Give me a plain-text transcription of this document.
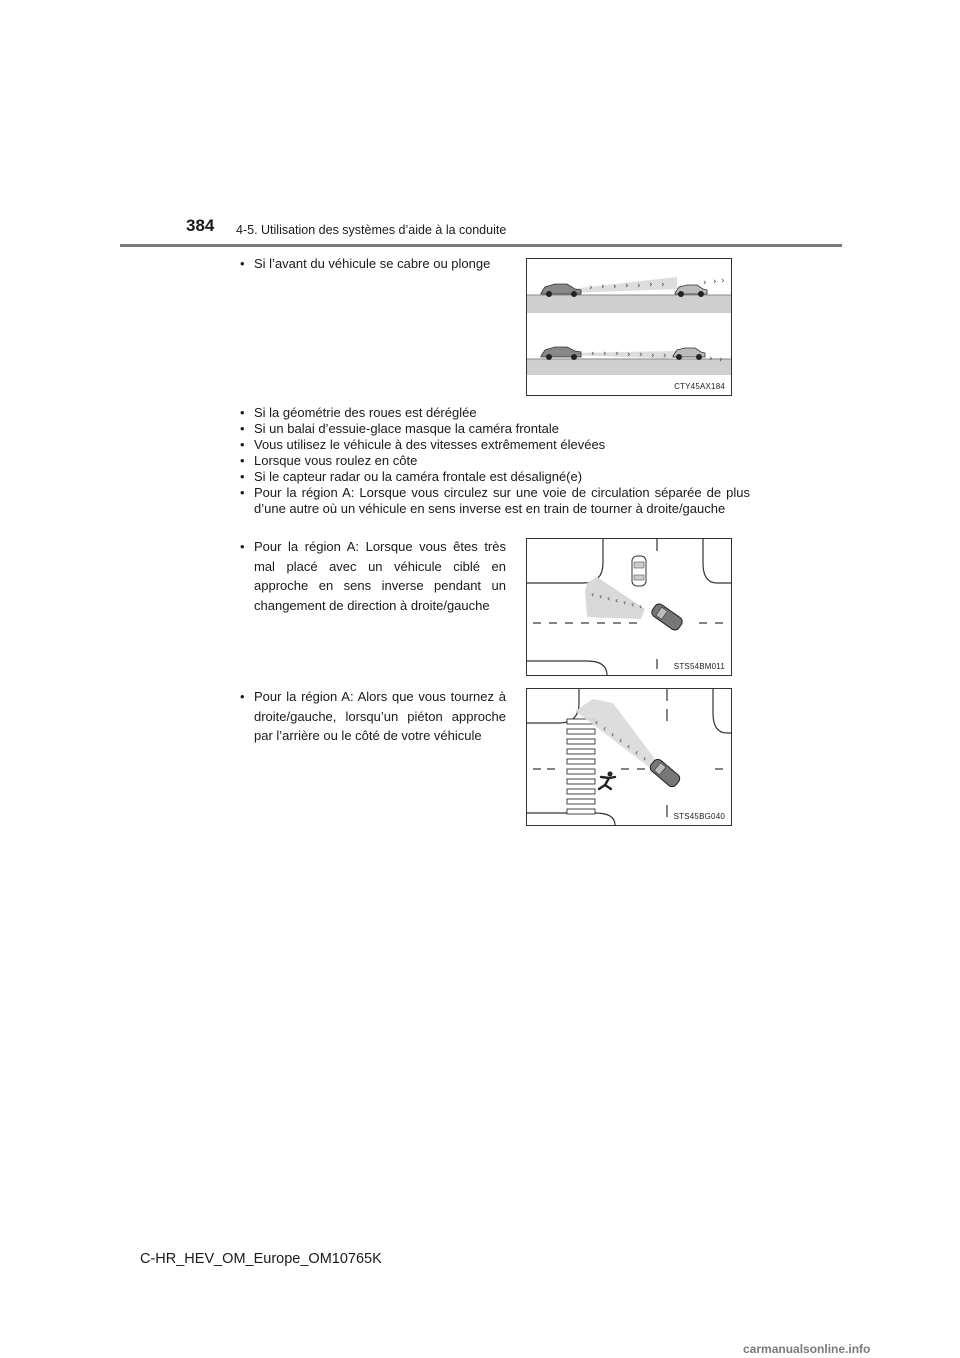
384 4-5. Utilisation des systèmes d’aide à la conduite
• Si l’avant du véhicule se cabre ou plonge
› › › › › › ›	› › ›
› › › › › › ›	› ›
CTY45AX184
• Si la géométrie des roues est déréglée
• Si un balai d’essuie-glace masque la caméra frontale
• Vous utilisez le véhicule à des vitesses extrêmement élevées
• Lorsque vous roulez en côte
• Si le capteur radar ou la caméra frontale est désaligné(e)
• Pour la région A: Lorsque vous circulez sur une voie de circulation séparée de plus d’une autre où un véhicule en sens inverse est en train de tourner à droite/gauche
• Pour la région A: Lorsque vous êtes très mal placé avec un véhicule ciblé en approche en sens inverse pendant un changement de direction à droite/gauche
‹ ‹ ‹ ‹ ‹ ‹ ‹
STS54BM011
• Pour la région A: Alors que vous tournez à droite/gauche, lorsqu’un piéton approche par l’arrière ou le côté de votre véhicule
‹
‹
‹
‹
‹
‹
‹
STS45BG040
C-HR_HEV_OM_Europe_OM10765K
carmanualsonline.info
